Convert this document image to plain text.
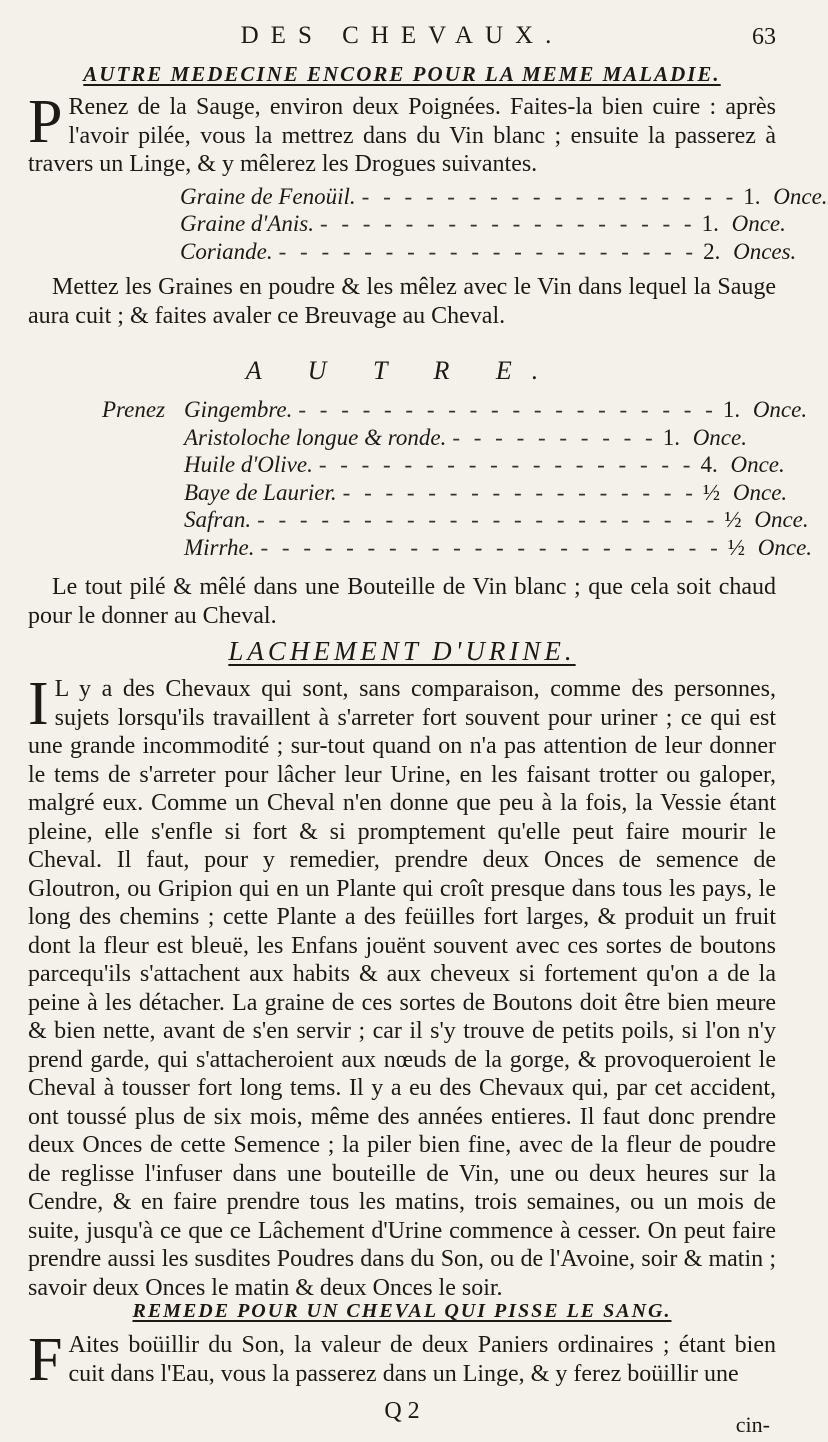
DES CHEVAUX.	63
AUTRE MEDECINE ENCORE POUR LA MEME MALADIE.

P Renez de la Sauge, environ deux Poignées. Faites-la bien cuire : après l'avoir pilée, vous la mettrez dans du Vin blanc ; ensuite la passerez à travers un Linge, & y mêlerez les Drogues suivantes.

Graine de Fenoüil. - - - - - - - - - - - - - - - - - - 1. Once.
Graine d'Anis. - - - - - - - - - - - - - - - - - - 1. Once.
Coriande. - - - - - - - - - - - - - - - - - - - - 2. Onces.

Mettez les Graines en poudre & les mêlez avec le Vin dans lequel la Sauge aura cuit ; & faites avaler ce Breuvage au Cheval.

A U T R E.
Prenez Gingembre. - - - - - - - - - - - - - - - - - - - - 1. Once.
Aristoloche longue & ronde. - - - - - - - - - - 1. Once.
Huile d'Olive. - - - - - - - - - - - - - - - - - - 4. Once.
Baye de Laurier. - - - - - - - - - - - - - - - - - ½ Once.
Safran. - - - - - - - - - - - - - - - - - - - - - - ½ Once.
Mirrhe. - - - - - - - - - - - - - - - - - - - - - - ½ Once.

Le tout pilé & mêlé dans une Bouteille de Vin blanc ; que cela soit chaud pour le donner au Cheval.

LACHEMENT D'URINE.

I L y a des Chevaux qui sont, sans comparaison, comme des personnes, sujets lorsqu'ils travaillent à s'arreter fort souvent pour uriner ; ce qui est une grande incommodité ; sur-tout quand on n'a pas attention de leur donner le tems de s'arreter pour lâcher leur Urine, en les faisant trotter ou galoper, malgré eux. Comme un Cheval n'en donne que peu à la fois, la Vessie étant pleine, elle s'enfle si fort & si promptement qu'elle peut faire mourir le Cheval. Il faut, pour y remedier, prendre deux Onces de semence de Gloutron, ou Gripion qui en un Plante qui croît presque dans tous les pays, le long des chemins ; cette Plante a des feüilles fort larges, & produit un fruit dont la fleur est bleuë, les Enfans jouënt souvent avec ces sortes de boutons parcequ'ils s'attachent aux habits & aux cheveux si fortement qu'on a de la peine à les détacher. La graine de ces sortes de Boutons doit être bien meure & bien nette, avant de s'en servir ; car il s'y trouve de petits poils, si l'on n'y prend garde, qui s'attacheroient aux nœuds de la gorge, & provoqueroient le Cheval à tousser fort long tems. Il y a eu des Chevaux qui, par cet accident, ont toussé plus de six mois, même des années entieres. Il faut donc prendre deux Onces de cette Semence ; la piler bien fine, avec de la fleur de poudre de reglisse l'infuser dans une bouteille de Vin, une ou deux heures sur la Cendre, & en faire prendre tous les matins, trois semaines, ou un mois de suite, jusqu'à ce que ce Lâchement d'Urine commence à cesser. On peut faire prendre aussi les susdites Poudres dans du Son, ou de l'Avoine, soir & matin ; savoir deux Onces le matin & deux Onces le soir.

REMEDE POUR UN CHEVAL QUI PISSE LE SANG.

F Aites boüillir du Son, la valeur de deux Paniers ordinaires ; étant bien cuit dans l'Eau, vous la passerez dans un Linge, & y ferez boüillir une

Q 2
cin-
